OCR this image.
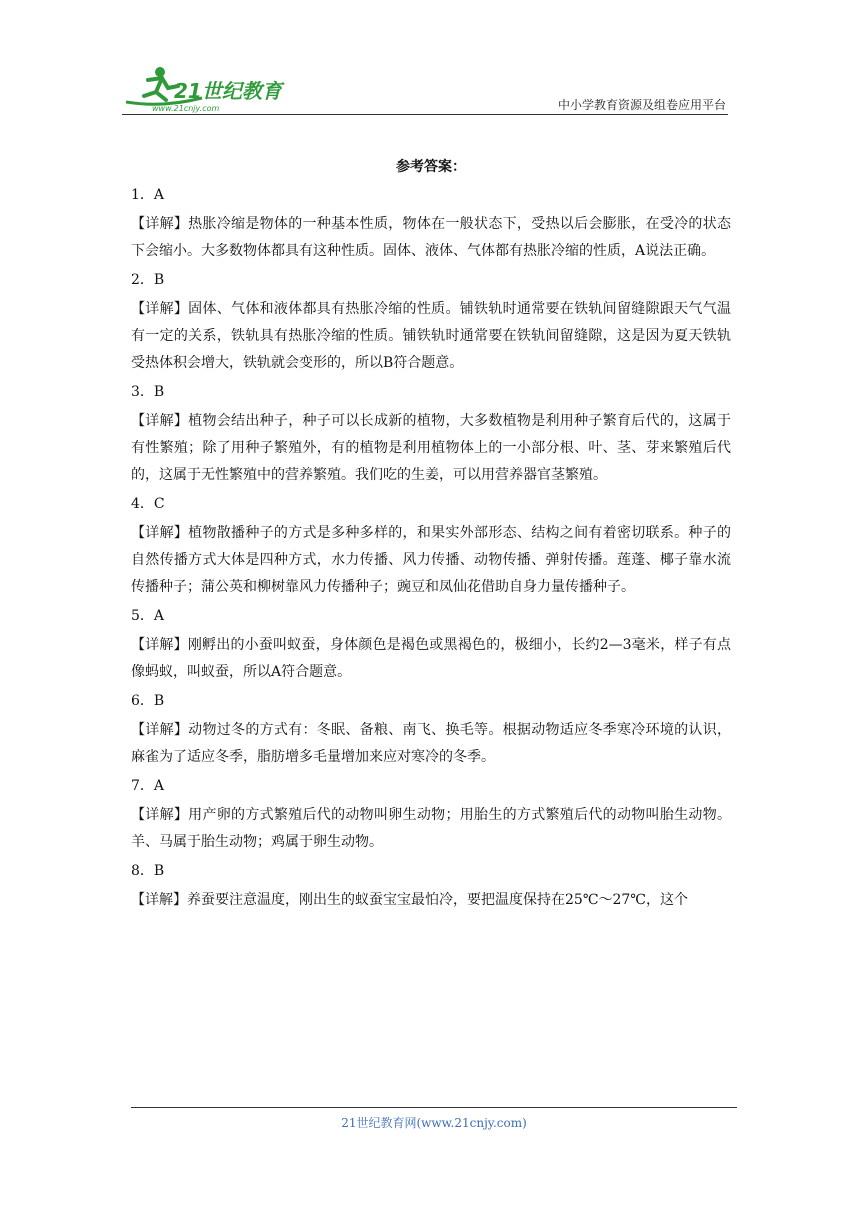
21世纪教育
www.21cnjy.com	中小学教育资源及组卷应用平台
参考答案：
1．A
【详解】热胀冷缩是物体的一种基本性质，物体在一般状态下，受热以后会膨胀，在受冷的状态下会缩小。大多数物体都具有这种性质。固体、液体、气体都有热胀冷缩的性质，A说法正确。
2．B
【详解】固体、气体和液体都具有热胀冷缩的性质。铺铁轨时通常要在铁轨间留缝隙跟天气气温有一定的关系，铁轨具有热胀冷缩的性质。铺铁轨时通常要在铁轨间留缝隙，这是因为夏天铁轨受热体积会增大，铁轨就会变形的，所以B符合题意。
3．B
【详解】植物会结出种子，种子可以长成新的植物，大多数植物是利用种子繁育后代的，这属于有性繁殖；除了用种子繁殖外，有的植物是利用植物体上的一小部分根、叶、茎、芽来繁殖后代的，这属于无性繁殖中的营养繁殖。我们吃的生姜，可以用营养器官茎繁殖。
4．C
【详解】植物散播种子的方式是多种多样的，和果实外部形态、结构之间有着密切联系。种子的自然传播方式大体是四种方式，水力传播、风力传播、动物传播、弹射传播。莲蓬、椰子靠水流传播种子；蒲公英和柳树靠风力传播种子；豌豆和凤仙花借助自身力量传播种子。
5．A
【详解】刚孵出的小蚕叫蚁蚕，身体颜色是褐色或黑褐色的，极细小，长约2—3毫米，样子有点像蚂蚁，叫蚁蚕，所以A符合题意。
6．B
【详解】动物过冬的方式有：冬眠、备粮、南飞、换毛等。根据动物适应冬季寒冷环境的认识，麻雀为了适应冬季，脂肪增多毛量增加来应对寒冷的冬季。
7．A
【详解】用产卵的方式繁殖后代的动物叫卵生动物；用胎生的方式繁殖后代的动物叫胎生动物。羊、马属于胎生动物；鸡属于卵生动物。
8．B
【详解】养蚕要注意温度，刚出生的蚁蚕宝宝最怕冷，要把温度保持在25℃～27℃，这个
21世纪教育网(www.21cnjy.com)
